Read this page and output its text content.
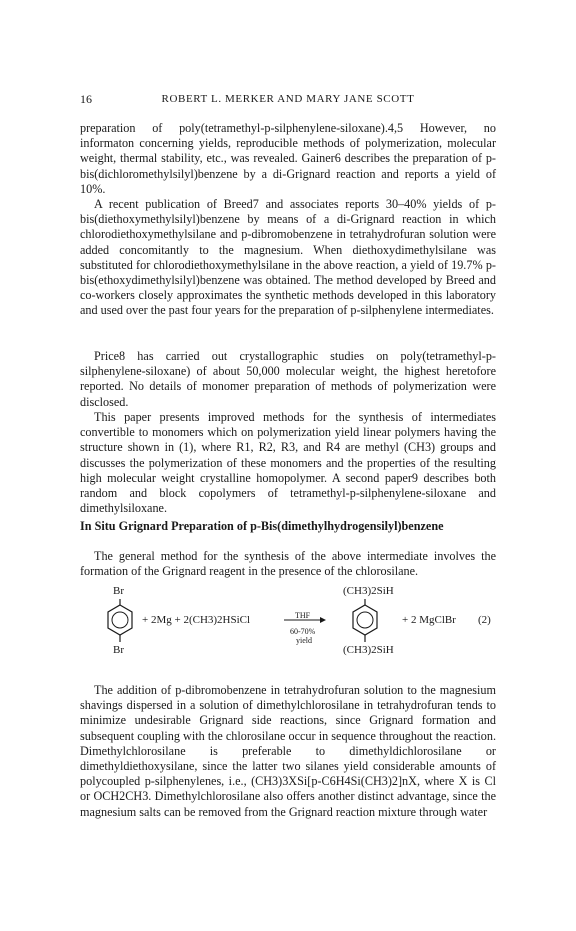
16	ROBERT L. MERKER AND MARY JANE SCOTT

preparation of poly(tetramethyl-p-silphenylene-siloxane).4,5 However, no informaton concerning yields, reproducible methods of polymerization, molecular weight, thermal stability, etc., was revealed. Gainer6 describes the preparation of p-bis(dichloromethylsilyl)benzene by a di-Grignard reaction and reports a yield of 10%.

A recent publication of Breed7 and associates reports 30–40% yields of p-bis(diethoxymethylsilyl)benzene by means of a di-Grignard reaction in which chlorodiethoxymethylsilane and p-dibromobenzene in tetrahydrofuran solution were added concomitantly to the magnesium. When diethoxydimethylsilane was substituted for chlorodiethoxymethylsilane in the above reaction, a yield of 19.7% p-bis(ethoxydimethylsilyl)benzene was obtained. The method developed by Breed and co-workers closely approximates the synthetic methods developed in this laboratory and used over the past four years for the preparation of p-silphenylene intermediates.

Price8 has carried out crystallographic studies on poly(tetramethyl-p-silphenylene-siloxane) of about 50,000 molecular weight, the highest heretofore reported. No details of monomer preparation of methods of polymerization were disclosed.

This paper presents improved methods for the synthesis of intermediates convertible to monomers which on polymerization yield linear polymers having the structure shown in (1), where R1, R2, R3, and R4 are methyl (CH3) groups and discusses the polymerization of these monomers and the properties of the resulting high molecular weight crystalline homopolymer. A second paper9 describes both random and block copolymers of tetramethyl-p-silphenylene-siloxane and dimethylsiloxane.

In Situ Grignard Preparation of p-Bis(dimethylhydrogensilyl)benzene

The general method for the synthesis of the above intermediate involves the formation of the Grignard reagent in the presence of the chlorosilane.

Br
Br
+ 2Mg + 2(CH3)2HSiCl	THF
60-70%
yield
(CH3)2SiH
(CH3)2SiH
+ 2 MgClBr (2)

The addition of p-dibromobenzene in tetrahydrofuran solution to the magnesium shavings dispersed in a solution of dimethylchlorosilane in tetrahydrofuran tends to minimize undesirable Grignard side reactions, since Grignard formation and subsequent coupling with the chlorosilane occur in sequence throughout the reaction. Dimethylchlorosilane is preferable to dimethyldichlorosilane or dimethyldiethoxysilane, since the latter two silanes yield considerable amounts of polycoupled p-silphenylenes, i.e., (CH3)3XSi[p-C6H4Si(CH3)2]nX, where X is Cl or OCH2CH3. Dimethylchlorosilane also offers another distinct advantage, since the magnesium salts can be removed from the Grignard reaction mixture through water
